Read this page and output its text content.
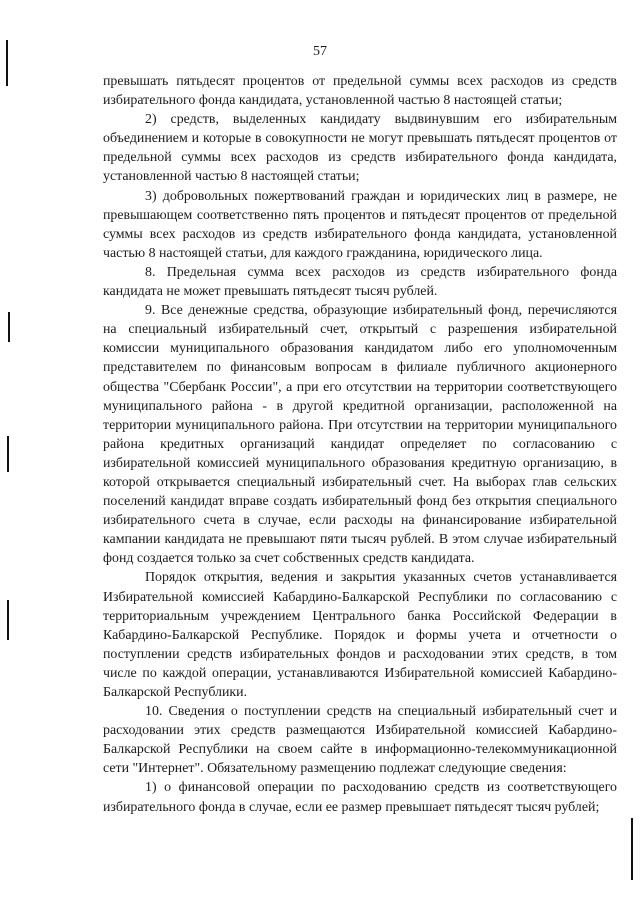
57

превышать пятьдесят процентов от предельной суммы всех расходов из средств избирательного фонда кандидата, установленной частью 8 настоящей статьи;

2) средств, выделенных кандидату выдвинувшим его избирательным объединением и которые в совокупности не могут превышать пятьдесят процентов от предельной суммы всех расходов из средств избирательного фонда кандидата, установленной частью 8 настоящей статьи;

3) добровольных пожертвований граждан и юридических лиц в размере, не превышающем соответственно пять процентов и пятьдесят процентов от предельной суммы всех расходов из средств избирательного фонда кандидата, установленной частью 8 настоящей статьи, для каждого гражданина, юридического лица.

8. Предельная сумма всех расходов из средств избирательного фонда кандидата не может превышать пятьдесят тысяч рублей.

9. Все денежные средства, образующие избирательный фонд, перечисляются на специальный избирательный счет, открытый с разрешения избирательной комиссии муниципального образования кандидатом либо его уполномоченным представителем по финансовым вопросам в филиале публичного акционерного общества "Сбербанк России", а при его отсутствии на территории соответствующего муниципального района - в другой кредитной организации, расположенной на территории муниципального района. При отсутствии на территории муниципального района кредитных организаций кандидат определяет по согласованию с избирательной комиссией муниципального образования кредитную организацию, в которой открывается специальный избирательный счет. На выборах глав сельских поселений кандидат вправе создать избирательный фонд без открытия специального избирательного счета в случае, если расходы на финансирование избирательной кампании кандидата не превышают пяти тысяч рублей. В этом случае избирательный фонд создается только за счет собственных средств кандидата.

Порядок открытия, ведения и закрытия указанных счетов устанавливается Избирательной комиссией Кабардино-Балкарской Республики по согласованию с территориальным учреждением Центрального банка Российской Федерации в Кабардино-Балкарской Республике. Порядок и формы учета и отчетности о поступлении средств избирательных фондов и расходовании этих средств, в том числе по каждой операции, устанавливаются Избирательной комиссией Кабардино-Балкарской Республики.

10. Сведения о поступлении средств на специальный избирательный счет и расходовании этих средств размещаются Избирательной комиссией Кабардино-Балкарской Республики на своем сайте в информационно-телекоммуникационной сети "Интернет". Обязательному размещению подлежат следующие сведения:

1) о финансовой операции по расходованию средств из соответствующего избирательного фонда в случае, если ее размер превышает пятьдесят тысяч рублей;
